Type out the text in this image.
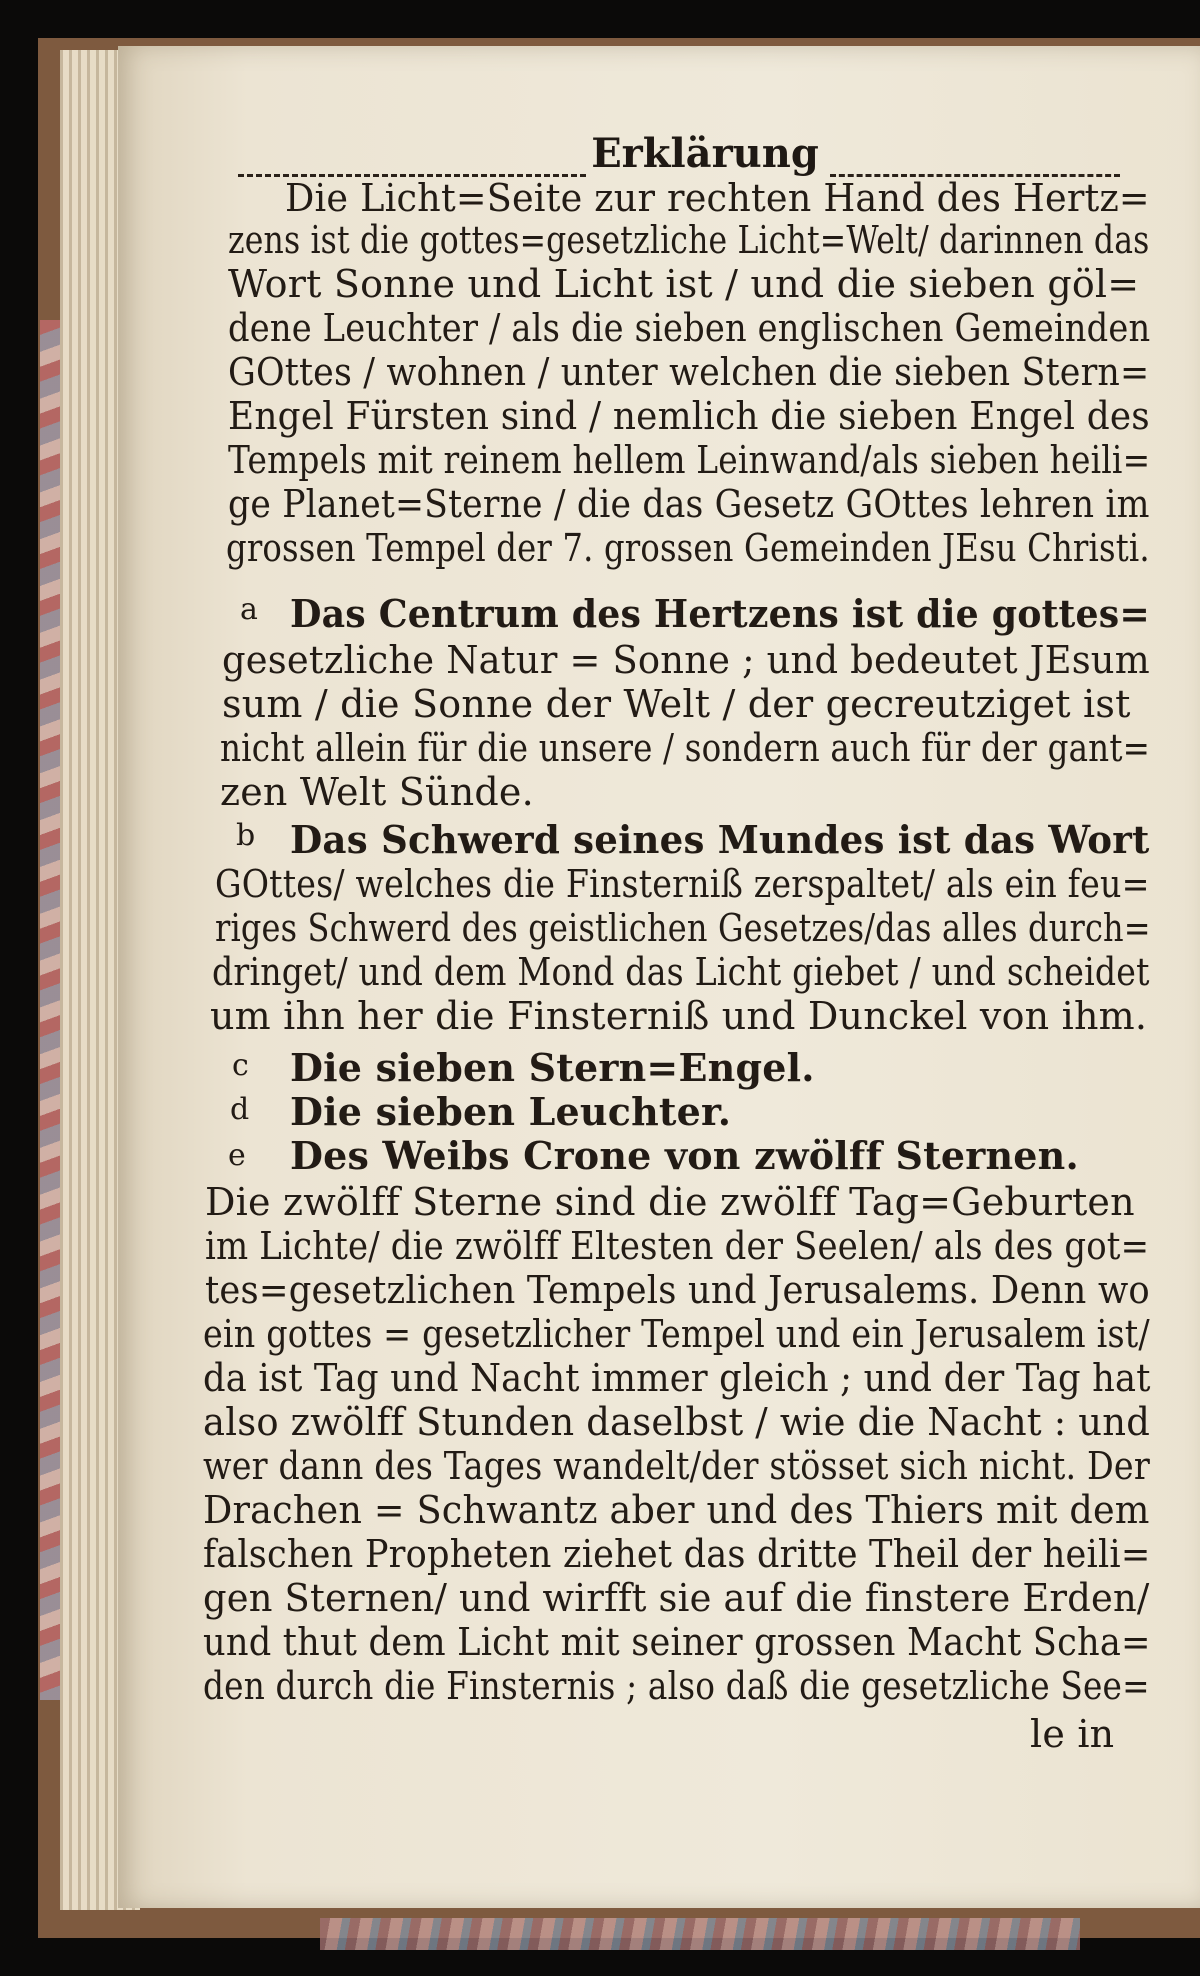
Erklärung
Die Licht=Seite zur rechten Hand des Hertz=
zens ist die gottes=gesetzliche Licht=Welt/ darinnen das
Wort Sonne und Licht ist / und die sieben göl=
dene Leuchter / als die sieben englischen Gemeinden
GOttes / wohnen / unter welchen die sieben Stern=
Engel Fürsten sind / nemlich die sieben Engel des
Tempels mit reinem hellem Leinwand/als sieben heili=
ge Planet=Sterne / die das Gesetz GOttes lehren im
grossen Tempel der 7. grossen Gemeinden JEsu Christi.
a Das Centrum des Hertzens ist die gottes=
gesetzliche Natur = Sonne ; und bedeutet JEsum
sum / die Sonne der Welt / der gecreutziget ist
nicht allein für die unsere / sondern auch für der gant=
zen Welt Sünde.
b Das Schwerd seines Mundes ist das Wort
GOttes/ welches die Finsterniß zerspaltet/ als ein feu=
riges Schwerd des geistlichen Gesetzes/das alles durch=
dringet/ und dem Mond das Licht giebet / und scheidet
um ihn her die Finsterniß und Dunckel von ihm.
c Die sieben Stern=Engel.
d Die sieben Leuchter.
e Des Weibs Crone von zwölff Sternen.
Die zwölff Sterne sind die zwölff Tag=Geburten
im Lichte/ die zwölff Eltesten der Seelen/ als des got=
tes=gesetzlichen Tempels und Jerusalems. Denn wo
ein gottes = gesetzlicher Tempel und ein Jerusalem ist/
da ist Tag und Nacht immer gleich ; und der Tag hat
also zwölff Stunden daselbst / wie die Nacht : und
wer dann des Tages wandelt/der stösset sich nicht. Der
Drachen = Schwantz aber und des Thiers mit dem
falschen Propheten ziehet das dritte Theil der heili=
gen Sternen/ und wirfft sie auf die finstere Erden/
und thut dem Licht mit seiner grossen Macht Scha=
den durch die Finsternis ; also daß die gesetzliche See=
le in
